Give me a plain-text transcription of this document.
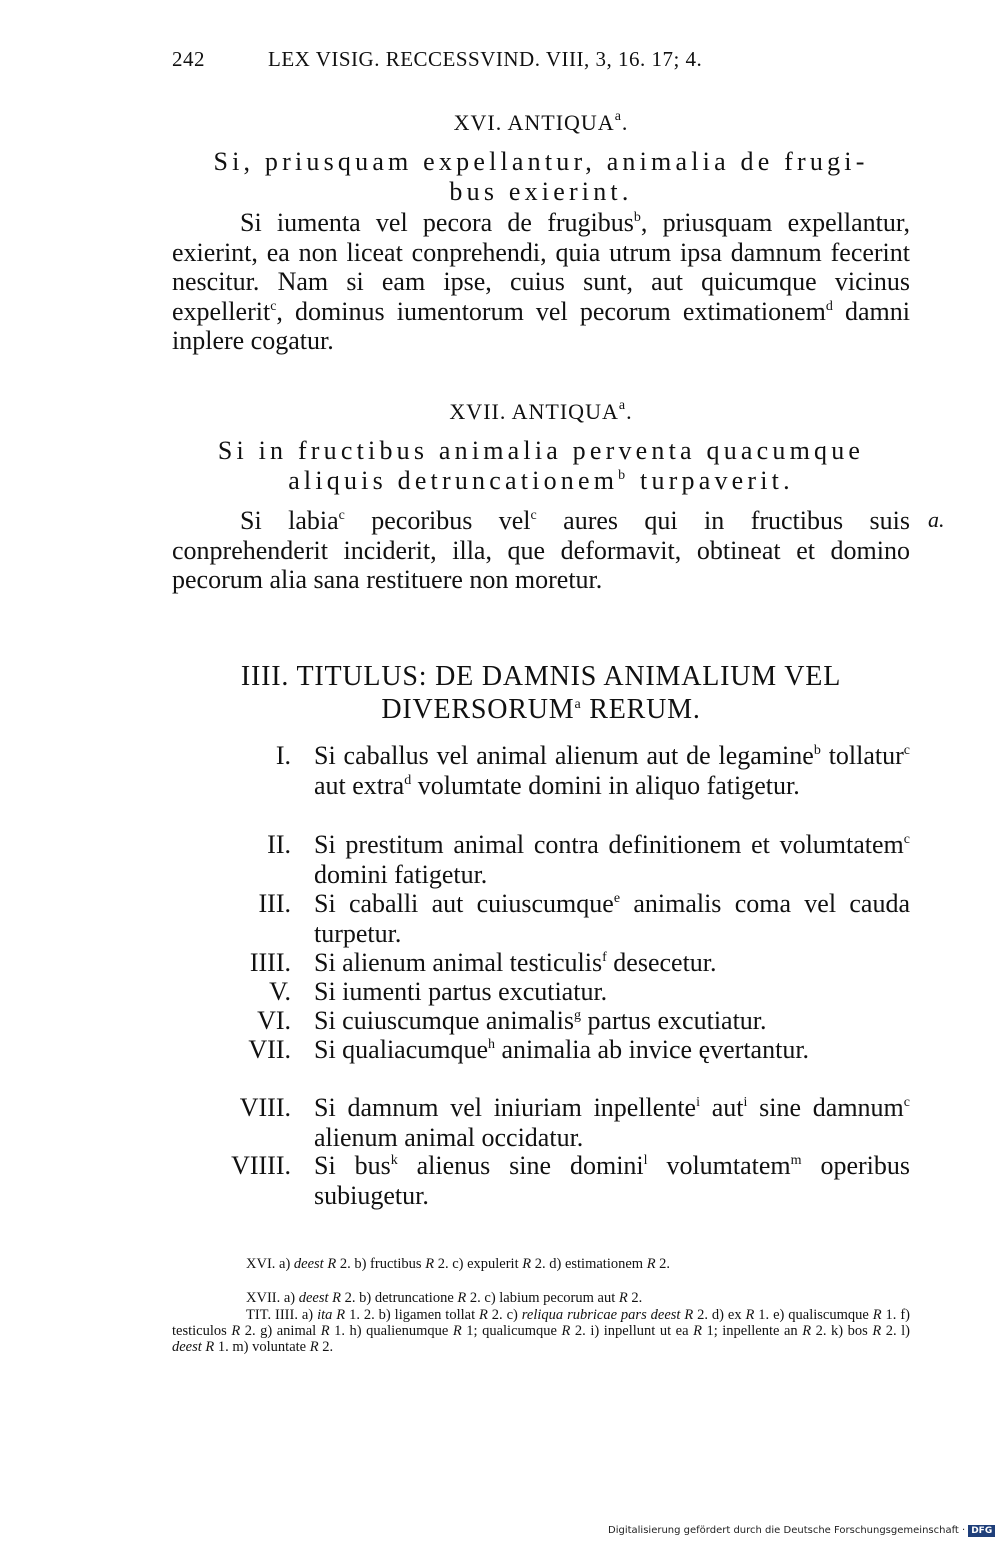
242	LEX VISIG. RECCESSVIND. VIII, 3, 16. 17; 4.
XVI. ANTIQUA$^a$.
Si, priusquam expellantur, animalia de frugi-
bus exierint.
Si iumenta vel pecora de frugibus$^b$, priusquam expellantur, exierint, ea non liceat conprehendi, quia utrum ipsa damnum fecerint nescitur. Nam si eam ipse, cuius sunt, aut quicumque vicinus expellerit$^c$, dominus iumentorum vel pecorum extimationem$^d$ damni inplere cogatur.
XVII. ANTIQUA$^a$.
Si in fructibus animalia perventa quacumque
aliquis detruncationem$^b$ turpaverit.
Si labia$^c$ pecoribus vel$^c$ aures qui in fructibus suis conprehenderit inciderit, illa, que deformavit, obtineat et domino pecorum alia sana restituere non moretur.
IIII. TITULUS: DE DAMNIS ANIMALIUM VEL
DIVERSORUM$^a$ RERUM.
I. Si caballus vel animal alienum aut de legamine$^b$ tollatur$^c$ aut extra$^d$ volumtate domini in aliquo fatigetur.
II. Si prestitum animal contra definitionem et volumtatem$^c$ domini fatigetur.
III. Si caballi aut cuiuscumque$^e$ animalis coma vel cauda turpetur.
IIII. Si alienum animal testiculis$^f$ desecetur.
V. Si iumenti partus excutiatur.
VI. Si cuiuscumque animalis$^g$ partus excutiatur.
VII. Si qualiacumque$^h$ animalia ab invice ęvertantur.
VIII. Si damnum vel iniuriam inpellente$^i$ aut$^i$ sine damnum$^c$ alienum animal occidatur.
VIIII. Si bus$^k$ alienus sine domini$^l$ volumtatem$^m$ operibus subiugetur.
XVI. a) deest R 2. b) fructibus R 2. c) expulerit R 2. d) estimationem R 2.
XVII. a) deest R 2. b) detruncatione R 2. c) labium pecorum aut R 2.
TIT. IIII. a) ita R 1. 2. b) ligamen tollat R 2. c) reliqua rubricae pars deest R 2. d) ex R 1. e) qualiscumque R 1. f) testiculos R 2. g) animal R 1. h) qualienumque R 1; qualicumque R 2. i) inpellunt ut ea R 1; inpellente an R 2. k) bos R 2. l) deest R 1. m) voluntate R 2.
a.
Digitalisierung gefördert durch die Deutsche Forschungsgemeinschaft · DFG
